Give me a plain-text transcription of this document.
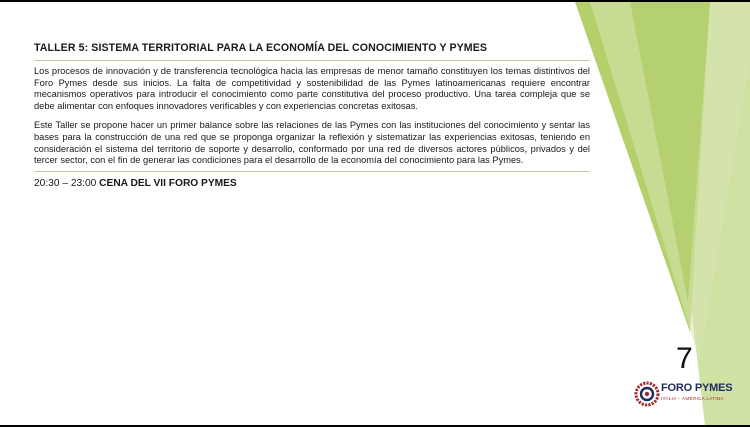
TALLER 5: SISTEMA TERRITORIAL PARA LA ECONOMÍA DEL CONOCIMIENTO Y PYMES

Los procesos de innovación y de transferencia tecnológica hacia las empresas de menor tamaño constituyen los temas distintivos del Foro Pymes desde sus inicios. La falta de competitividad y sostenibilidad de las Pymes latinoamericanas requiere encontrar mecanismos operativos para introducir el conocimiento como parte constitutiva del proceso productivo. Una tarea compleja que se debe alimentar con enfoques innovadores verificables y con experiencias concretas exitosas.

Este Taller se propone hacer un primer balance sobre las relaciones de las Pymes con las instituciones del conocimiento y sentar las bases para la construcción de una red que se proponga organizar la reflexión y sistematizar las experiencias exitosas, teniendo en consideración el sistema del territorio de soporte y desarrollo, conformado por una red de diversos actores públicos, privados y del tercer sector, con el fin de generar las condiciones para el desarrollo de la economía del conocimiento para las Pymes.

20:30 – 23:00 CENA DEL VII FORO PYMES
7
FORO PYMES
ITALIA – AMÉRICA LATINA
